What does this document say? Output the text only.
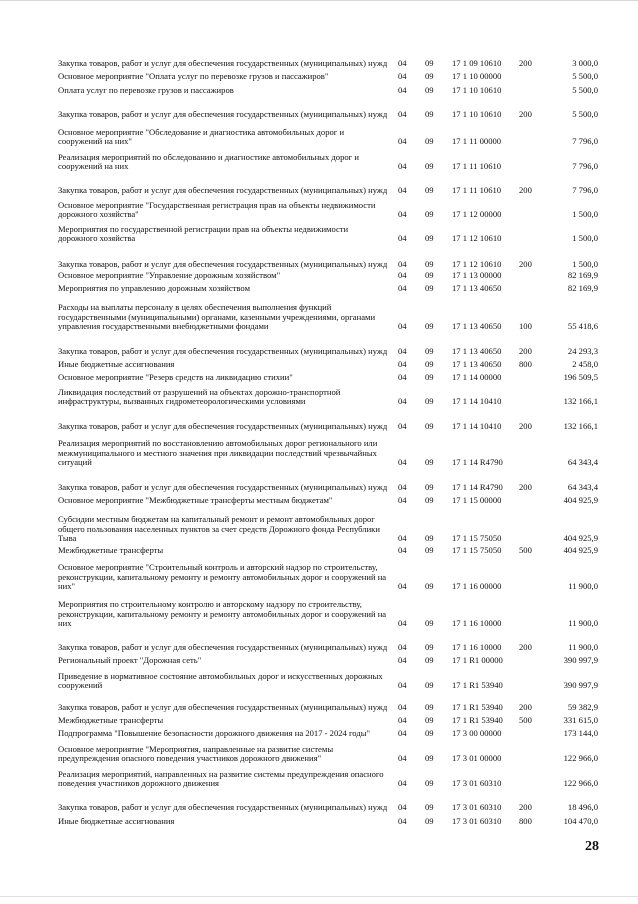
Закупка товаров, работ и услуг для обеспечения государственных (муниципальных) нужд 04	09	17 1 09 10610	200	3 000,0
Основное мероприятие "Оплата услуг по перевозке грузов и пассажиров"	04	09	17 1 10 00000	5 500,0
Оплата услуг по перевозке грузов и пассажиров	04	09	17 1 10 10610	5 500,0
Закупка товаров, работ и услуг для обеспечения государственных (муниципальных) нужд 04	09	17 1 10 10610	200	5 500,0
Основное мероприятие "Обследование и диагностика автомобильных дорог и сооружений на них"	04	09	17 1 11 00000	7 796,0
Реализация мероприятий по обследованию и диагностике автомобильных дорог и сооружений на них	04	09	17 1 11 10610	7 796,0
Закупка товаров, работ и услуг для обеспечения государственных (муниципальных) нужд 04	09	17 1 11 10610	200	7 796,0
Основное мероприятие "Государственная регистрация прав на объекты недвижимости дорожного хозяйства"	04	09	17 1 12 00000	1 500,0
Мероприятия по государственной регистрации прав на объекты недвижимости дорожного хозяйства	04	09	17 1 12 10610	1 500,0
Закупка товаров, работ и услуг для обеспечения государственных (муниципальных) нужд 04	09	17 1 12 10610	200	1 500,0
Основное мероприятие "Управление дорожным хозяйством"	04	09	17 1 13 00000	82 169,9
Мероприятия по управлению дорожным хозяйством	04	09	17 1 13 40650	82 169,9
Расходы на выплаты персоналу в целях обеспечения выполнения функций государственными (муниципальными) органами, казенными учреждениями, органами управления государственными внебюджетными фондами	04	09	17 1 13 40650	100	55 418,6
Закупка товаров, работ и услуг для обеспечения государственных (муниципальных) нужд 04	09	17 1 13 40650	200	24 293,3
Иные бюджетные ассигнования	04	09	17 1 13 40650	800	2 458,0
Основное мероприятие "Резерв средств на ликвидацию стихии"	04	09	17 1 14 00000	196 509,5
Ликвидация последствий от разрушений на объектах дорожно-транспортной инфраструктуры, вызванных гидрометеорологическими условиями	04	09	17 1 14 10410	132 166,1
Закупка товаров, работ и услуг для обеспечения государственных (муниципальных) нужд 04	09	17 1 14 10410	200	132 166,1
Реализация мероприятий по восстановлению автомобильных дорог регионального или межмуниципального и местного значения при ликвидации последствий чрезвычайных ситуаций	04	09	17 1 14 R4790	64 343,4
Закупка товаров, работ и услуг для обеспечения государственных (муниципальных) нужд 04	09	17 1 14 R4790	200	64 343,4
Основное мероприятие "Межбюджетные трансферты местным бюджетам"	04	09	17 1 15 00000	404 925,9
Субсидии местным бюджетам на капитальный ремонт и ремонт автомобильных дорог общего пользования населенных пунктов за счет средств Дорожного фонда Республики Тыва	04	09	17 1 15 75050	404 925,9
Межбюджетные трансферты	04	09	17 1 15 75050	500	404 925,9
Основное мероприятие "Строительный контроль и авторский надзор по строительству, реконструкции, капитальному ремонту и ремонту автомобильных дорог и сооружений на них"	04	09	17 1 16 00000	11 900,0
Мероприятия по строительному контролю и авторскому надзору по строительству, реконструкции, капитальному ремонту и ремонту автомобильных дорог и сооружений на них	04	09	17 1 16 10000	11 900,0
Закупка товаров, работ и услуг для обеспечения государственных (муниципальных) нужд 04	09	17 1 16 10000	200	11 900,0
Региональный проект "Дорожная сеть"	04	09	17 1 R1 00000	390 997,9
Приведение в нормативное состояние автомобильных дорог и искусственных дорожных сооружений	04	09	17 1 R1 53940	390 997,9
Закупка товаров, работ и услуг для обеспечения государственных (муниципальных) нужд 04	09	17 1 R1 53940	200	59 382,9
Межбюджетные трансферты	04	09	17 1 R1 53940	500	331 615,0
Подпрограмма "Повышение безопасности дорожного движения на 2017 - 2024 годы"	04	09	17 3 00 00000	173 144,0
Основное мероприятие "Мероприятия, направленные на развитие системы предупреждения опасного поведения участников дорожного движения"	04	09	17 3 01 00000	122 966,0
Реализация мероприятий, направленных на развитие системы предупреждения опасного поведения участников дорожного движения	04	09	17 3 01 60310	122 966,0
Закупка товаров, работ и услуг для обеспечения государственных (муниципальных) нужд 04	09	17 3 01 60310	200	18 496,0
Иные бюджетные ассигнования	04	09	17 3 01 60310	800	104 470,0
28
